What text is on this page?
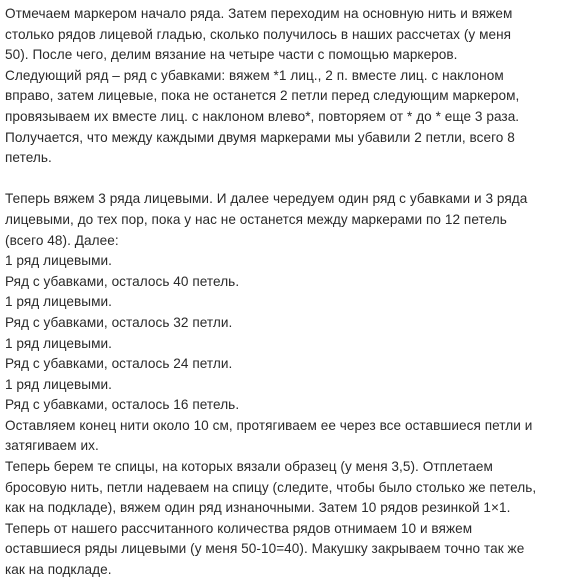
Отмечаем маркером начало ряда. Затем переходим на основную нить и вяжем

столько рядов лицевой гладью, сколько получилось в наших рассчетах (у меня

50). После чего, делим вязание на четыре части с помощью маркеров.

Следующий ряд – ряд с убавками: вяжем *1 лиц., 2 п. вместе лиц. с наклоном

вправо, затем лицевые, пока не останется 2 петли перед следующим маркером,

провязываем их вместе лиц. с наклоном влево*, повторяем от * до * еще 3 раза.

Получается, что между каждыми двумя маркерами мы убавили 2 петли, всего 8

петель.

Теперь вяжем 3 ряда лицевыми. И далее чередуем один ряд с убавками и 3 ряда

лицевыми, до тех пор, пока у нас не останется между маркерами по 12 петель

(всего 48). Далее:

1 ряд лицевыми.

Ряд с убавками, осталось 40 петель.

1 ряд лицевыми.

Ряд с убавками, осталось 32 петли.

1 ряд лицевыми.

Ряд с убавками, осталось 24 петли.

1 ряд лицевыми.

Ряд с убавками, осталось 16 петель.

Оставляем конец нити около 10 см, протягиваем ее через все оставшиеся петли и

затягиваем их.

Теперь берем те спицы, на которых вязали образец (у меня 3,5). Отплетаем

бросовую нить, петли надеваем на спицу (следите, чтобы было столько же петель,

как на подкладе), вяжем один ряд изнаночными. Затем 10 рядов резинкой 1×1.

Теперь от нашего рассчитанного количества рядов отнимаем 10 и вяжем

оставшиеся ряды лицевыми (у меня 50-10=40). Макушку закрываем точно так же

как на подкладе.
